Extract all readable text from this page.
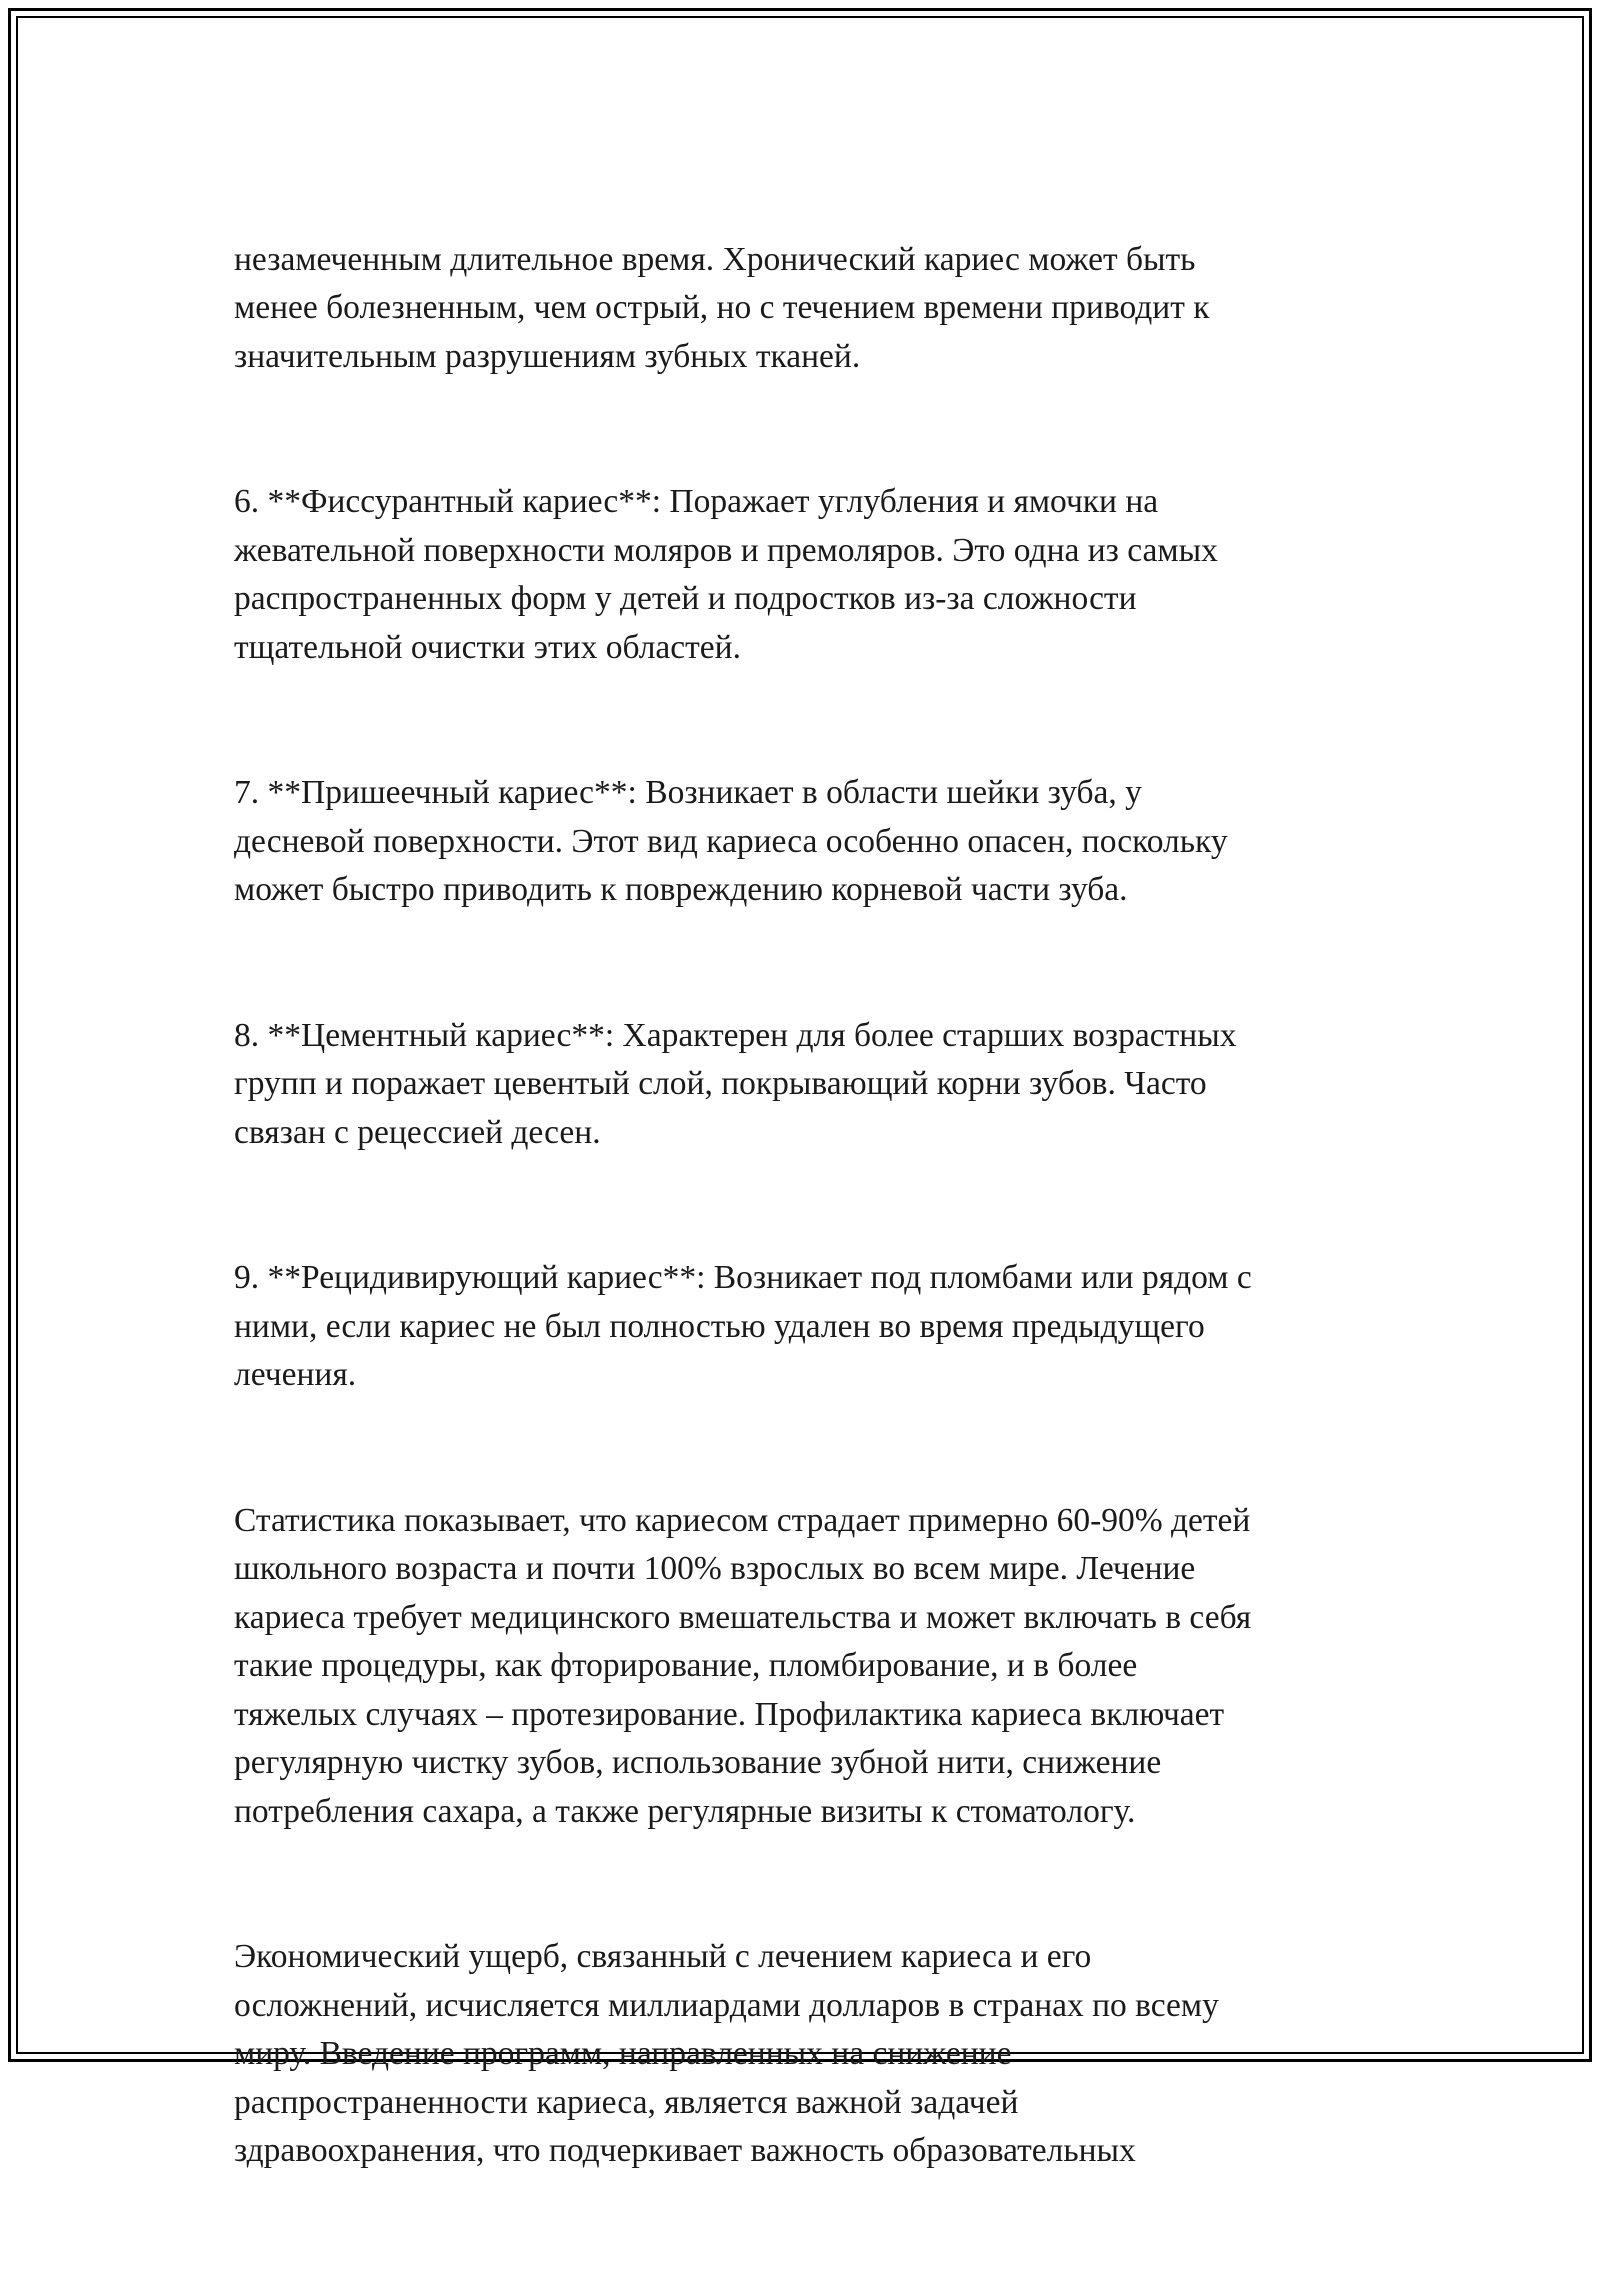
незамеченным длительное время. Хронический кариес может быть
менее болезненным, чем острый, но с течением времени приводит к
значительным разрушениям зубных тканей.

6. **Фиссурантный кариес**: Поражает углубления и ямочки на
жевательной поверхности моляров и премоляров. Это одна из самых
распространенных форм у детей и подростков из-за сложности
тщательной очистки этих областей.

7. **Пришеечный кариес**: Возникает в области шейки зуба, у
десневой поверхности. Этот вид кариеса особенно опасен, поскольку
может быстро приводить к повреждению корневой части зуба.

8. **Цементный кариес**: Характерен для более старших возрастных
групп и поражает цевентый слой, покрывающий корни зубов. Часто
связан с рецессией десен.

9. **Рецидивирующий кариес**: Возникает под пломбами или рядом с
ними, если кариес не был полностью удален во время предыдущего
лечения.

Статистика показывает, что кариесом страдает примерно 60-90% детей
школьного возраста и почти 100% взрослых во всем мире. Лечение
кариеса требует медицинского вмешательства и может включать в себя
такие процедуры, как фторирование, пломбирование, и в более
тяжелых случаях – протезирование. Профилактика кариеса включает
регулярную чистку зубов, использование зубной нити, снижение
потребления сахара, а также регулярные визиты к стоматологу.

Экономический ущерб, связанный с лечением кариеса и его
осложнений, исчисляется миллиардами долларов в странах по всему
миру. Введение программ, направленных на снижение
распространенности кариеса, является важной задачей
здравоохранения, что подчеркивает важность образовательных
